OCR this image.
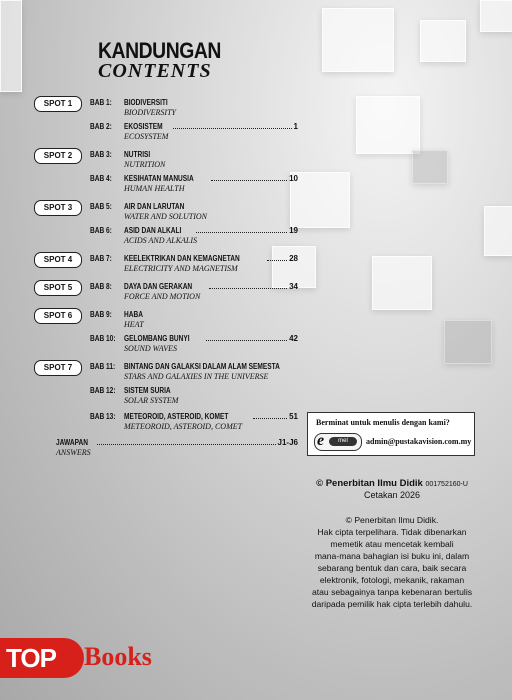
KANDUNGAN
CONTENTS
SPOT 1	BAB 1: BIODIVERSITI
BIODIVERSITY
BAB 2: EKOSISTEM	1
ECOSYSTEM
SPOT 2	BAB 3: NUTRISI
NUTRITION
BAB 4: KESIHATAN MANUSIA	10
HUMAN HEALTH
SPOT 3	BAB 5: AIR DAN LARUTAN
WATER AND SOLUTION
BAB 6: ASID DAN ALKALI	19
ACIDS AND ALKALIS
SPOT 4	BAB 7: KEELEKTRIKAN DAN KEMAGNETAN	28
ELECTRICITY AND MAGNETISM
SPOT 5	BAB 8: DAYA DAN GERAKAN	34
FORCE AND MOTION
SPOT 6	BAB 9: HABA
HEAT
BAB 10: GELOMBANG BUNYI	42
SOUND WAVES
SPOT 7	BAB 11: BINTANG DAN GALAKSI DALAM ALAM SEMESTA
STARS AND GALAXIES IN THE UNIVERSE
BAB 12: SISTEM SURIA
SOLAR SYSTEM
BAB 13: METEOROID, ASTEROID, KOMET	51
METEOROID, ASTEROID, COMET
JAWAPAN	J1-J6
ANSWERS
Berminat untuk menulis dengan kami?
e	mel	admin@pustakavision.com.my
© Penerbitan Ilmu Didik 001752160-U
Cetakan 2026
© Penerbitan Ilmu Didik.
Hak cipta terpelihara. Tidak dibenarkan
memetik atau mencetak kembali
mana-mana bahagian isi buku ini, dalam
sebarang bentuk dan cara, baik secara
elektronik, fotologi, mekanik, rakaman
atau sebagainya tanpa kebenaran bertulis
daripada pemilik hak cipta terlebih dahulu.
TOP	Books
